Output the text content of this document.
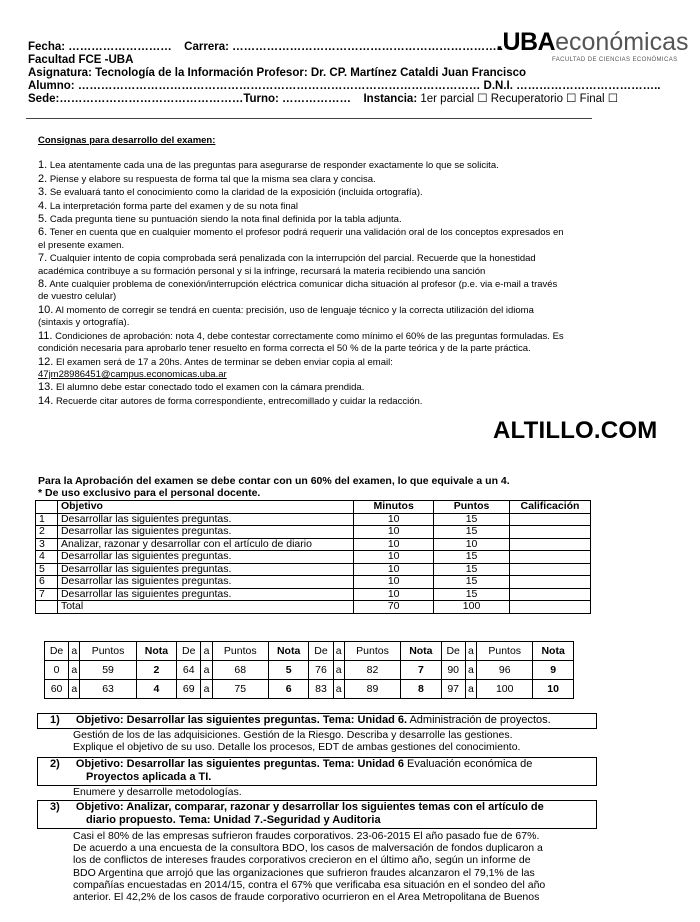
Fecha: ……………………… Carrera: ……………………………………………………………..
Facultad FCE -UBA
Asignatura: Tecnología de la Información Profesor: Dr. CP. Martínez Cataldi Juan Francisco
Alumno: …………………………………………………………………………………………… D.N.I. ………………………………..
Sede:…………………………………………Turno: ……………… Instancia: 1er parcial ☐ Recuperatorio ☐ Final ☐
.UBAeconómicas
FACULTAD DE CIENCIAS ECONÓMICAS
Consignas para desarrollo del examen:
1. Lea atentamente cada una de las preguntas para asegurarse de responder exactamente lo que se solicita.
2. Piense y elabore su respuesta de forma tal que la misma sea clara y concisa.
3. Se evaluará tanto el conocimiento como la claridad de la exposición (incluida ortografía).
4. La interpretación forma parte del examen y de su nota final
5. Cada pregunta tiene su puntuación siendo la nota final definida por la tabla adjunta.
6. Tener en cuenta que en cualquier momento el profesor podrá requerir una validación oral de los conceptos expresados en el presente examen.
7. Cualquier intento de copia comprobada será penalizada con la interrupción del parcial. Recuerde que la honestidad académica contribuye a su formación personal y si la infringe, recursará la materia recibiendo una sanción
8. Ante cualquier problema de conexión/interrupción eléctrica comunicar dicha situación al profesor (p.e. via e-mail a través de vuestro celular)
10. Al momento de corregir se tendrá en cuenta: precisión, uso de lenguaje técnico y la correcta utilización del idioma (sintaxis y ortografía).
11. Condiciones de aprobación: nota 4, debe contestar correctamente como mínimo el 60% de las preguntas formuladas. Es condición necesaria para aprobarlo tener resuelto en forma correcta el 50 % de la parte teórica y de la parte práctica.
12. El examen será de 17 a 20hs. Antes de terminar se deben enviar copia al email:
47jm28986451@campus.economicas.uba.ar
13. El alumno debe estar conectado todo el examen con la cámara prendida.
14. Recuerde citar autores de forma correspondiente, entrecomillado y cuidar la redacción.
ALTILLO.COM
Para la Aprobación del examen se debe contar con un 60% del examen, lo que equivale a un 4.
* De uso exclusivo para el personal docente.
	Objetivo	Minutos	Puntos	Calificación
1	Desarrollar las siguientes preguntas.	10	15	
2	Desarrollar las siguientes preguntas.	10	15	
3	Analizar, razonar y desarrollar con el artículo de diario	10	10	
4	Desarrollar las siguientes preguntas.	10	15	
5	Desarrollar las siguientes preguntas.	10	15	
6	Desarrollar las siguientes preguntas.	10	15	
7	Desarrollar las siguientes preguntas.	10	15	
	Total	70	100	
De	a	Puntos	Nota	De	a	Puntos	Nota	De	a	Puntos	Nota	De	a	Puntos	Nota
0	a	59	2	64	a	68	5	76	a	82	7	90	a	96	9
60	a	63	4	69	a	75	6	83	a	89	8	97	a	100	10
1) Objetivo: Desarrollar las siguientes preguntas. Tema: Unidad 6. Administración de proyectos.
Gestión de los de las adquisiciones. Gestión de la Riesgo. Describa y desarrolle las gestiones.
Explique el objetivo de su uso. Detalle los procesos, EDT de ambas gestiones del conocimiento.
2) Objetivo: Desarrollar las siguientes preguntas. Tema: Unidad 6 Evaluación económica de
Proyectos aplicada a TI.
Enumere y desarrolle metodologías.
3) Objetivo: Analizar, comparar, razonar y desarrollar los siguientes temas con el artículo de
diario propuesto. Tema: Unidad 7.-Seguridad y Auditoria
Casi el 80% de las empresas sufrieron fraudes corporativos. 23-06-2015 El año pasado fue de 67%.
De acuerdo a una encuesta de la consultora BDO, los casos de malversación de fondos duplicaron a
los de conflictos de intereses fraudes corporativos crecieron en el último año, según un informe de
BDO Argentina que arrojó que las organizaciones que sufrieron fraudes alcanzaron el 79,1% de las
compañías encuestadas en 2014/15, contra el 67% que verificaba esa situación en el sondeo del año
anterior. El 42,2% de los casos de fraude corporativo ocurrieron en el Area Metropolitana de Buenos
